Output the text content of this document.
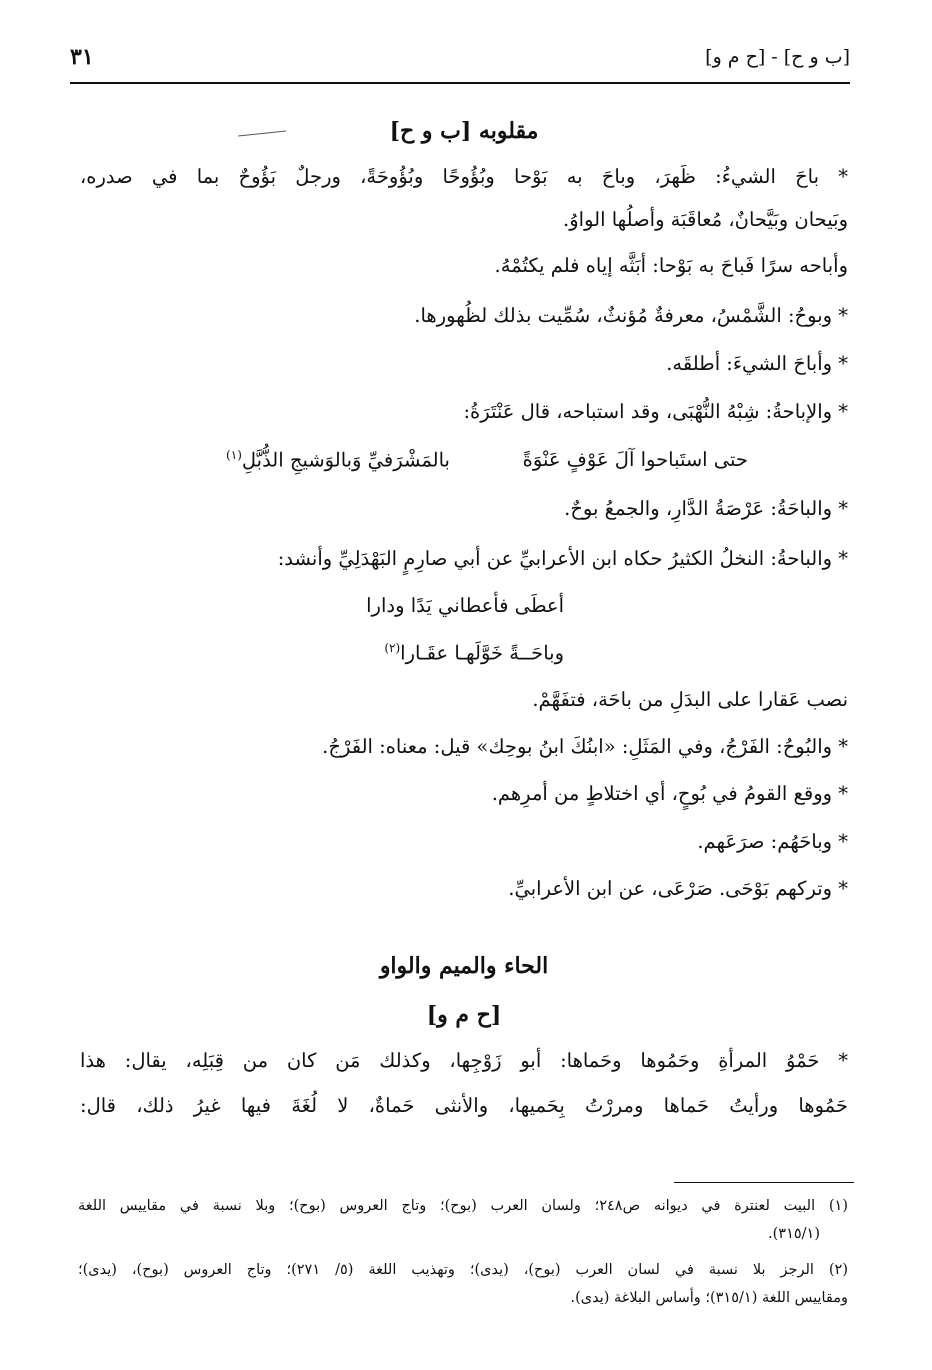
[ب و ح] - [ح م و]
٣١
مقلوبه [ب و ح]
* باحَ الشيءُ: ظَهرَ، وباحَ به بَوْحا وبُؤُوحًا وبُؤُوحَةً، ورجلٌ بَؤُوحٌ بما في صدره،
وبَيحان وبَيَّحانٌ، مُعاقَبَة وأصلُها الواوُ.
وأباحه سرًا فَباحَ به بَوْحا: أبَثَّه إياه فلم يكتُمْهُ.
* وبوحُ: الشَّمْسُ، معرفةٌ مُؤنثٌ، سُمِّيت بذلك لظُهورها.
* وأباحَ الشيءَ: أطلقَه.
* والإباحةُ: شِبْهُ النُّهْبَى، وقد استباحه، قال عَنْتَرَةُ:
حتى استَباحوا آلَ عَوْفٍ عَنْوَةً
بالمَشْرَفيِّ وَبالوَشيجِ الذُّبَّلِ$^{(١)}$
* والباحَةُ: عَرْصَةُ الدَّارِ، والجمعُ بوحٌ.
* والباحةُ: النخلُ الكثيرُ حكاه ابن الأعرابيِّ عن أبي صارِمٍ البَهْدَلِيِّ وأنشد:
أعطَى فأعطاني يَدًا ودارا
وباحَــةً خَوَّلَهـا عقَـارا$^{(٢)}$
نصب عَقارا على البدَلِ من باحَة، فتفَهَّمْ.
* والبُوحُ: الفَرْجُ، وفي المَثَلِ: «ابنُكَ ابنُ بوحِك» قيل: معناه: الفَرْجُ.
* ووقع القومُ في بُوحٍ، أي اختلاطٍ من أمرِهم.
* وباحَهُم: صرَعَهم.
* وتركهم بَوْحَى. صَرْعَى، عن ابن الأعرابيِّ.
الحاء والميم والواو
[ح م و]
* حَمْوُ المرأةِ وحَمُوها وحَماها: أبو زَوْجِها، وكذلك مَن كان من قِبَلِه، يقال: هذا
حَمُوها ورأيتُ حَماها ومررْتُ بِحَميها، والأنثى حَماةٌ، لا لُغَةَ فيها غيرُ ذلك، قال:
(١) البيت لعنترة في ديوانه ص٢٤٨؛ ولسان العرب (بوح)؛ وتاج العروس (بوح)؛ وبلا نسبة في مقاييس اللغة
(٣١٥/١).
(٢) الرجز بلا نسبة في لسان العرب (بوح)، (يدى)؛ وتهذيب اللغة (٥/ ٢٧١)؛ وتاج العروس (بوح)، (يدى)؛
ومقاييس اللغة (٣١٥/١)؛ وأساس البلاغة (يدى).
